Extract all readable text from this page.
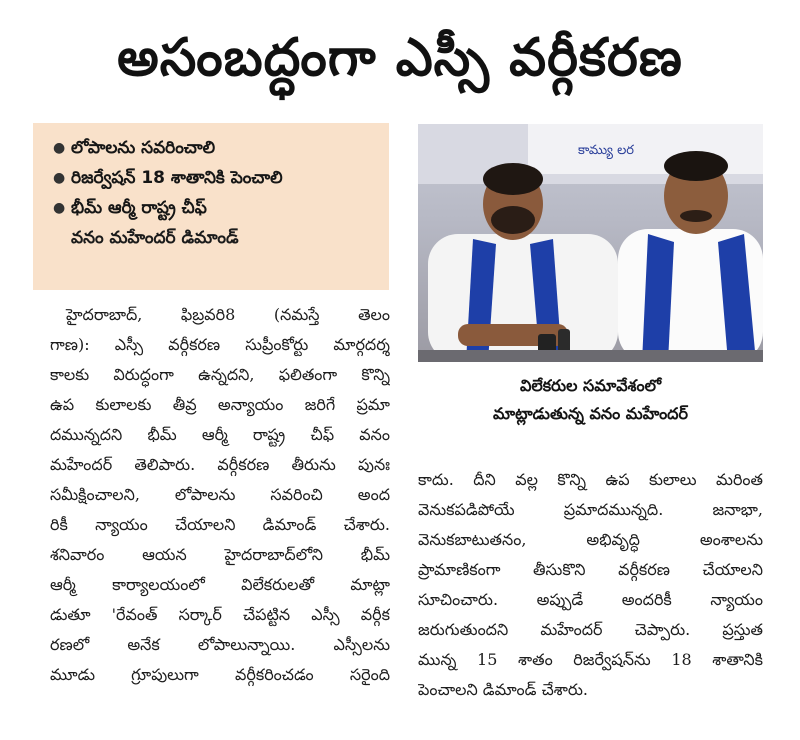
అసంబద్ధంగా ఎస్సీ వర్గీకరణ
● లోపాలను సవరించాలి
● రిజర్వేషన్ 18 శాతానికి పెంచాలి
● భీమ్ ఆర్మీ రాష్ట్ర చీఫ్
వనం మహేందర్ డిమాండ్
కామ్యు లర
విలేకరుల సమావేశంలో
మాట్లాడుతున్న వనం మహేందర్
హైదరాబాద్, ఫిబ్రవరి8 (నమస్తే తెలం
గాణ): ఎస్సీ వర్గీకరణ సుప్రీంకోర్టు మార్గదర్శ
కాలకు విరుద్ధంగా ఉన్నదని, ఫలితంగా కొన్ని
ఉప కులాలకు తీవ్ర అన్యాయం జరిగే ప్రమా
దమున్నదని భీమ్ ఆర్మీ రాష్ట్ర చీఫ్ వనం
మహేందర్ తెలిపారు. వర్గీకరణ తీరును పునః
సమీక్షించాలని, లోపాలను సవరించి అంద
రికీ న్యాయం చేయాలని డిమాండ్ చేశారు.
శనివారం ఆయన హైదరాబాద్‌లోని భీమ్
ఆర్మీ కార్యాలయంలో విలేకరులతో మాట్లా
డుతూ 'రేవంత్ సర్కార్ చేపట్టిన ఎస్సీ వర్గీక
రణలో అనేక లోపాలున్నాయి. ఎస్సీలను
మూడు గ్రూపులుగా వర్గీకరించడం సరైంది
కాదు. దీని వల్ల కొన్ని ఉప కులాలు మరింత
వెనుకపడిపోయే ప్రమాదమున్నది. జనాభా,
వెనుకబాటుతనం, అభివృద్ధి అంశాలను
ప్రామాణికంగా తీసుకొని వర్గీకరణ చేయాలని
సూచించారు. అప్పుడే అందరికీ న్యాయం
జరుగుతుందని మహేందర్ చెప్పారు. ప్రస్తుత
మున్న 15 శాతం రిజర్వేషన్‌ను 18 శాతానికి
పెంచాలని డిమాండ్ చేశారు.
